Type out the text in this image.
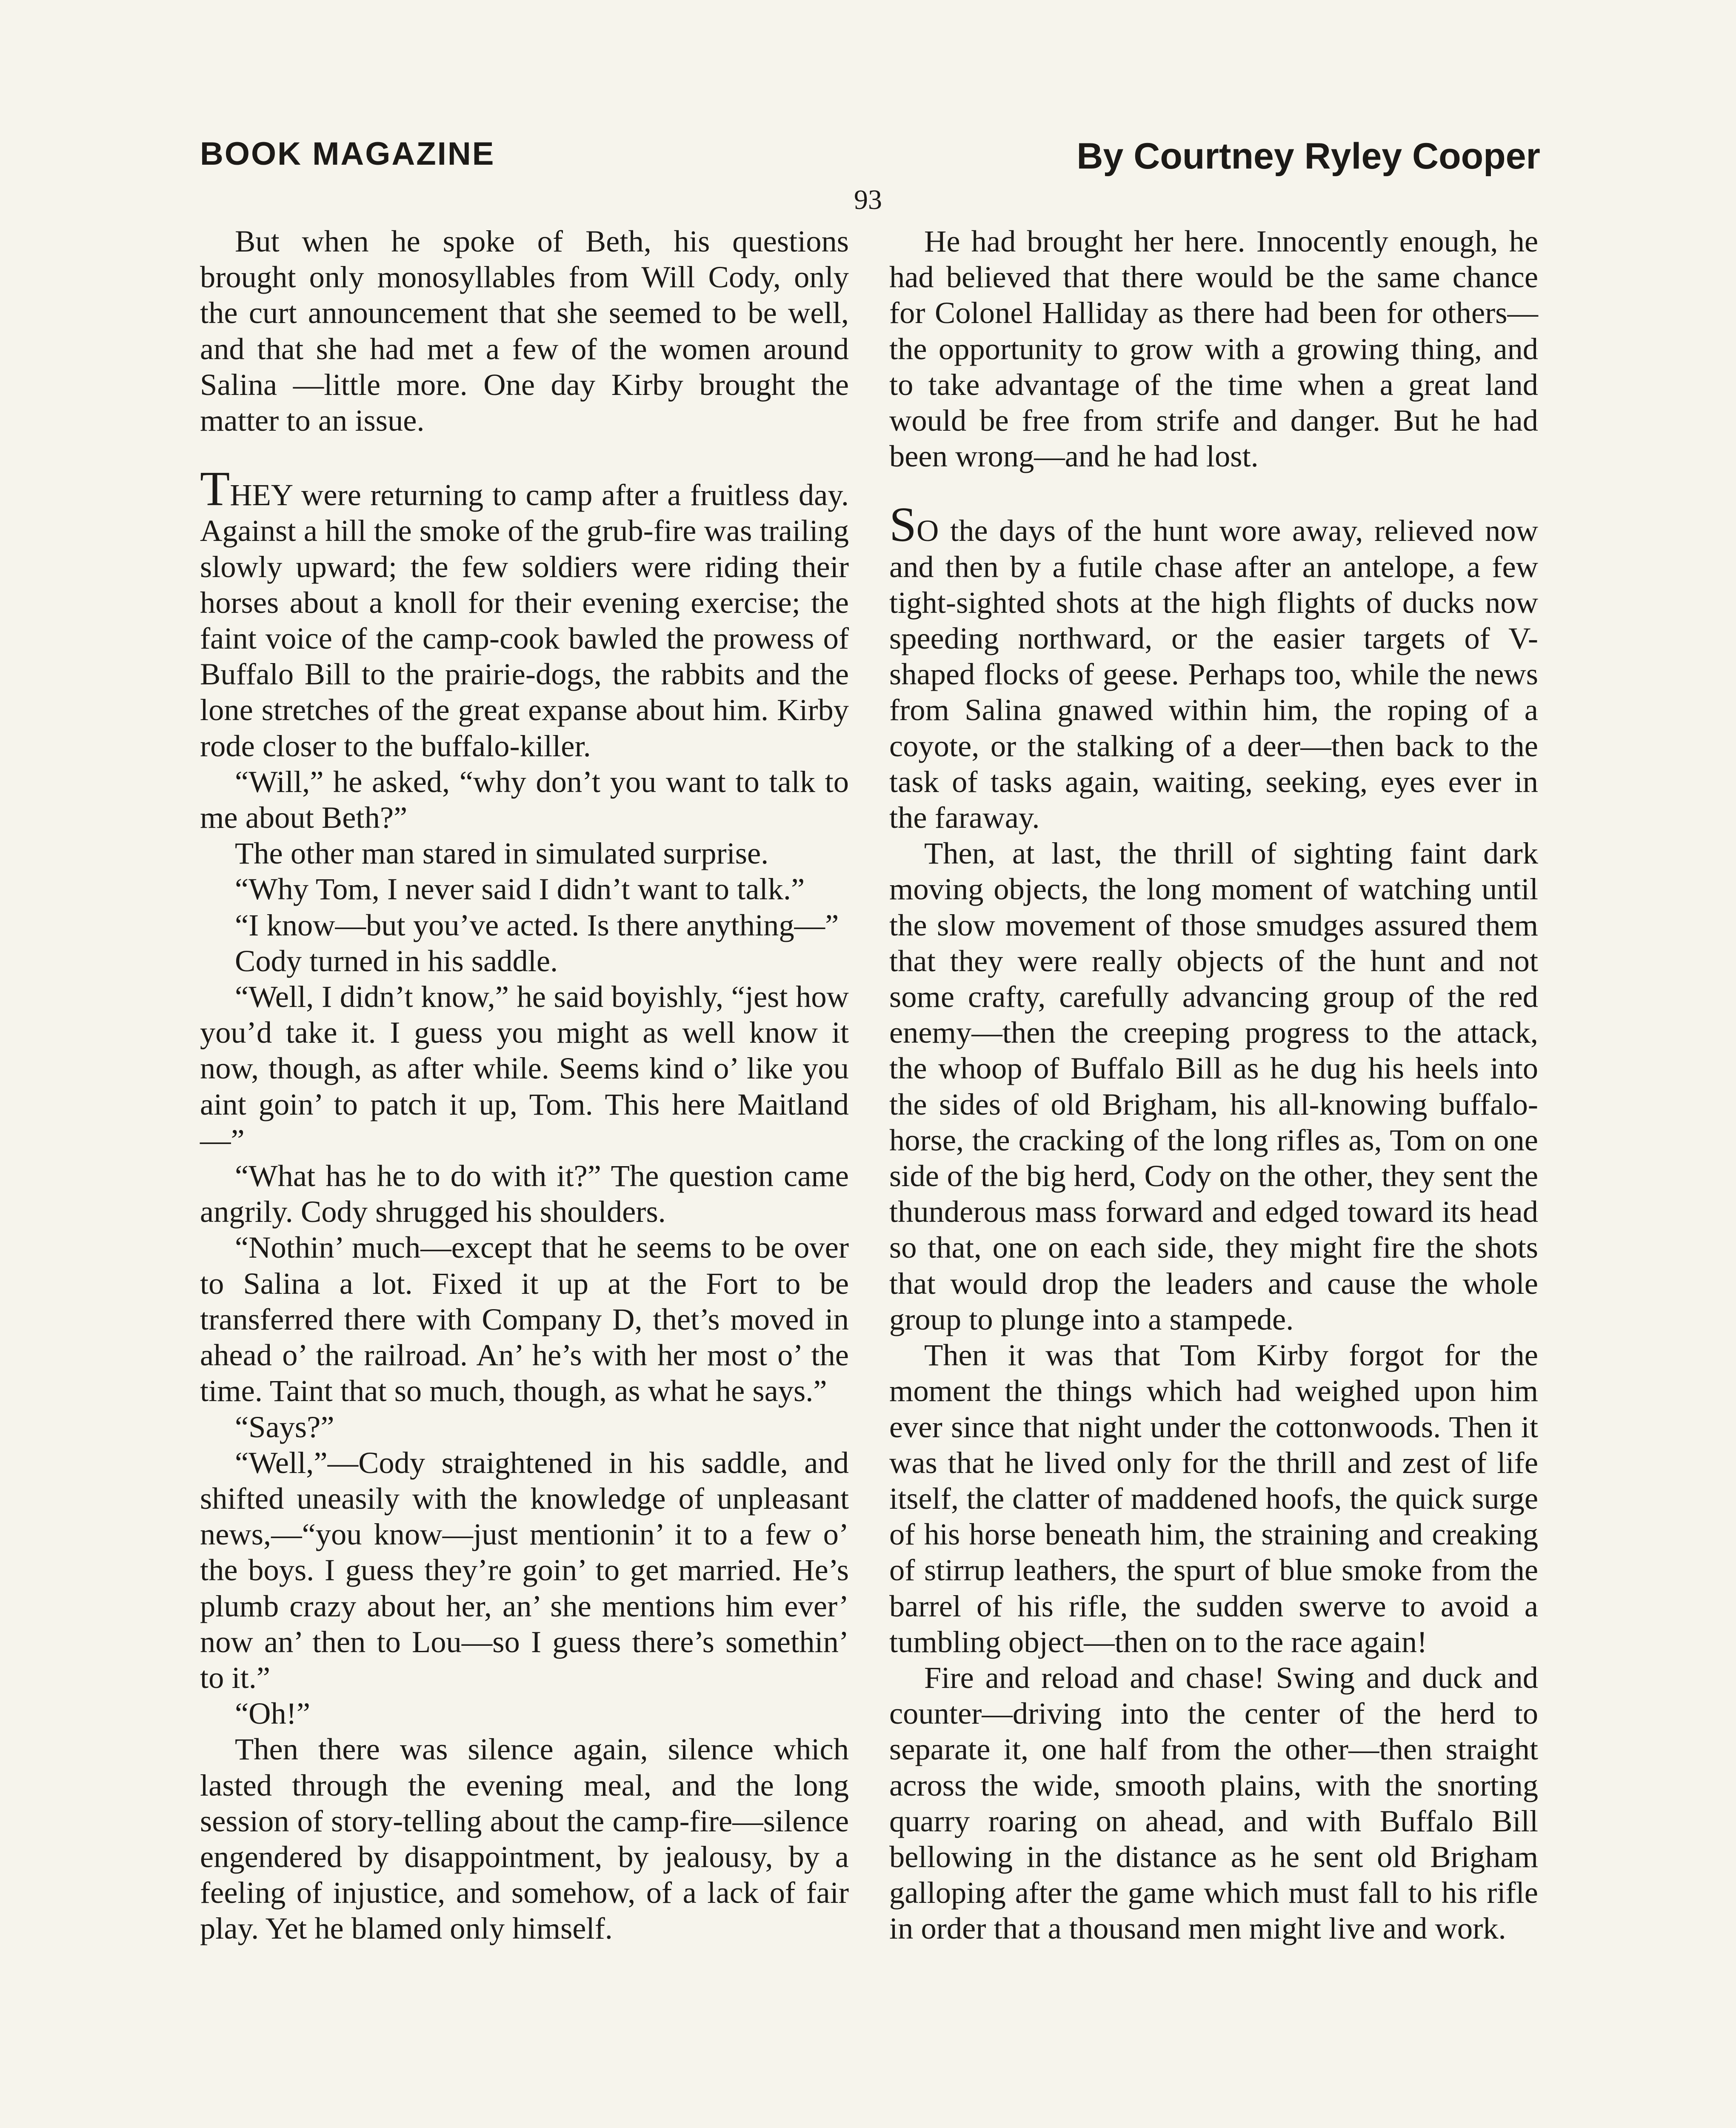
BOOK MAGAZINE
93
By Courtney Ryley Cooper

But when he spoke of Beth, his questions brought only monosyllables from Will Cody, only the curt announcement that she seemed to be well, and that she had met a few of the women around Salina —little more. One day Kirby brought the matter to an issue.

THEY were returning to camp after a fruitless day. Against a hill the smoke of the grub-fire was trailing slowly upward; the few soldiers were riding their horses about a knoll for their evening exercise; the faint voice of the camp-cook bawled the prowess of Buffalo Bill to the prairie-dogs, the rabbits and the lone stretches of the great expanse about him. Kirby rode closer to the buffalo-killer.

“Will,” he asked, “why don’t you want to talk to me about Beth?”

The other man stared in simulated surprise.

“Why Tom, I never said I didn’t want to talk.”

“I know—but you’ve acted. Is there anything—”

Cody turned in his saddle.

“Well, I didn’t know,” he said boyishly, “jest how you’d take it. I guess you might as well know it now, though, as after while. Seems kind o’ like you aint goin’ to patch it up, Tom. This here Maitland—”

“What has he to do with it?” The question came angrily. Cody shrugged his shoulders.

“Nothin’ much—except that he seems to be over to Salina a lot. Fixed it up at the Fort to be transferred there with Company D, thet’s moved in ahead o’ the railroad. An’ he’s with her most o’ the time. Taint that so much, though, as what he says.”

“Says?”

“Well,”—Cody straightened in his saddle, and shifted uneasily with the knowledge of unpleasant news,—“you know—just mentionin’ it to a few o’ the boys. I guess they’re goin’ to get married. He’s plumb crazy about her, an’ she mentions him ever’ now an’ then to Lou—so I guess there’s somethin’ to it.”

“Oh!”

Then there was silence again, silence which lasted through the evening meal, and the long session of story-telling about the camp-fire—silence engendered by disappointment, by jealousy, by a feeling of injustice, and somehow, of a lack of fair play. Yet he blamed only himself.

He had brought her here. Innocently enough, he had believed that there would be the same chance for Colonel Halliday as there had been for others—the opportunity to grow with a growing thing, and to take advantage of the time when a great land would be free from strife and danger. But he had been wrong—and he had lost.

SO the days of the hunt wore away, relieved now and then by a futile chase after an antelope, a few tight-sighted shots at the high flights of ducks now speeding northward, or the easier targets of V-shaped flocks of geese. Perhaps too, while the news from Salina gnawed within him, the roping of a coyote, or the stalking of a deer—then back to the task of tasks again, waiting, seeking, eyes ever in the faraway.

Then, at last, the thrill of sighting faint dark moving objects, the long moment of watching until the slow movement of those smudges assured them that they were really objects of the hunt and not some crafty, carefully advancing group of the red enemy—then the creeping progress to the attack, the whoop of Buffalo Bill as he dug his heels into the sides of old Brigham, his all-knowing buffalo-horse, the cracking of the long rifles as, Tom on one side of the big herd, Cody on the other, they sent the thunderous mass forward and edged toward its head so that, one on each side, they might fire the shots that would drop the leaders and cause the whole group to plunge into a stampede.

Then it was that Tom Kirby forgot for the moment the things which had weighed upon him ever since that night under the cottonwoods. Then it was that he lived only for the thrill and zest of life itself, the clatter of maddened hoofs, the quick surge of his horse beneath him, the straining and creaking of stirrup leathers, the spurt of blue smoke from the barrel of his rifle, the sudden swerve to avoid a tumbling object—then on to the race again!

Fire and reload and chase! Swing and duck and counter—driving into the center of the herd to separate it, one half from the other—then straight across the wide, smooth plains, with the snorting quarry roaring on ahead, and with Buffalo Bill bellowing in the distance as he sent old Brigham galloping after the game which must fall to his rifle in order that a thousand men might live and work.
